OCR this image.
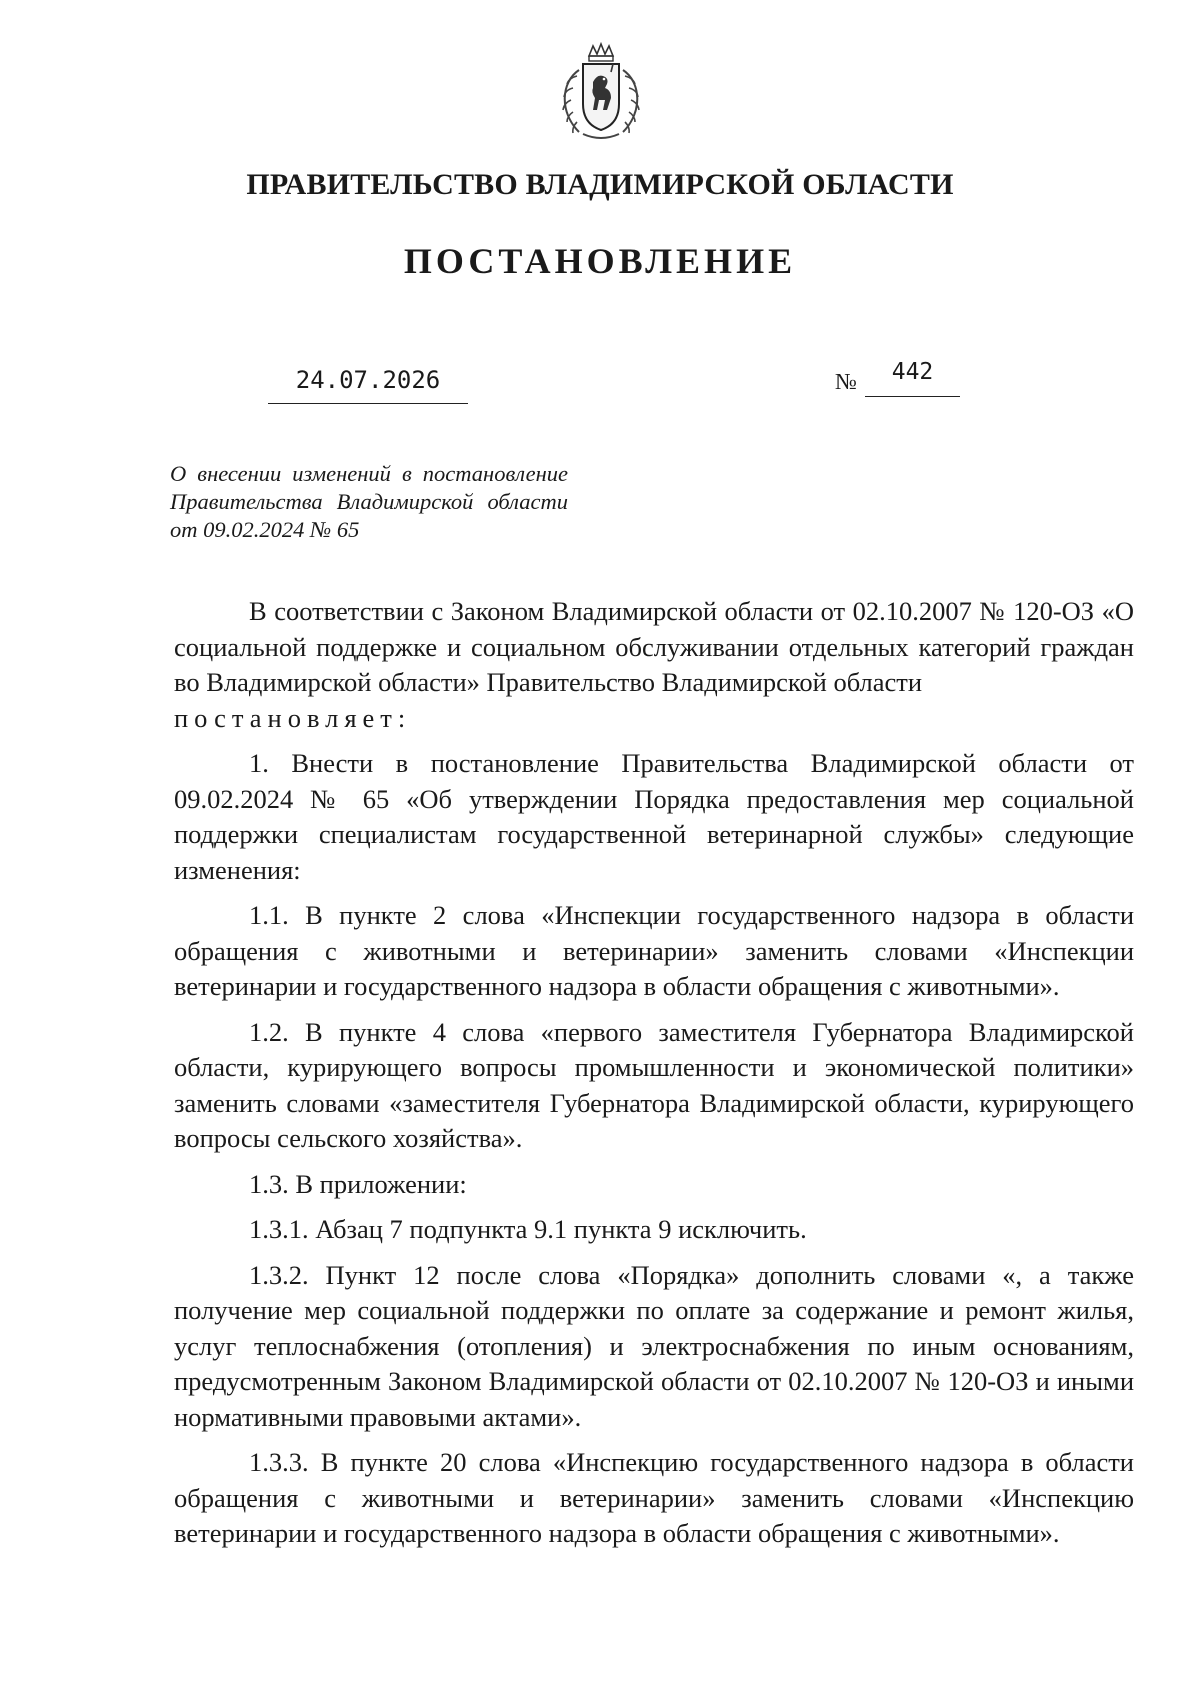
ПРАВИТЕЛЬСТВО ВЛАДИМИРСКОЙ ОБЛАСТИ
ПОСТАНОВЛЕНИЕ
24.07.2026	№	442
О внесении изменений в постановление Правительства Владимирской области от 09.02.2024 № 65

В соответствии с Законом Владимирской области от 02.10.2007 № 120-ОЗ «О социальной поддержке и социальном обслуживании отдельных категорий граждан во Владимирской области» Правительство Владимирской области
постановляет:

1. Внести в постановление Правительства Владимирской области от 09.02.2024 № 65 «Об утверждении Порядка предоставления мер социальной поддержки специалистам государственной ветеринарной службы» следующие изменения:

1.1. В пункте 2 слова «Инспекции государственного надзора в области обращения с животными и ветеринарии» заменить словами «Инспекции ветеринарии и государственного надзора в области обращения с животными».

1.2. В пункте 4 слова «первого заместителя Губернатора Владимирской области, курирующего вопросы промышленности и экономической политики» заменить словами «заместителя Губернатора Владимирской области, курирующего вопросы сельского хозяйства».

1.3. В приложении:

1.3.1. Абзац 7 подпункта 9.1 пункта 9 исключить.

1.3.2. Пункт 12 после слова «Порядка» дополнить словами «, а также получение мер социальной поддержки по оплате за содержание и ремонт жилья, услуг теплоснабжения (отопления) и электроснабжения по иным основаниям, предусмотренным Законом Владимирской области от 02.10.2007 № 120-ОЗ и иными нормативными правовыми актами».

1.3.3. В пункте 20 слова «Инспекцию государственного надзора в области обращения с животными и ветеринарии» заменить словами «Инспекцию ветеринарии и государственного надзора в области обращения с животными».
